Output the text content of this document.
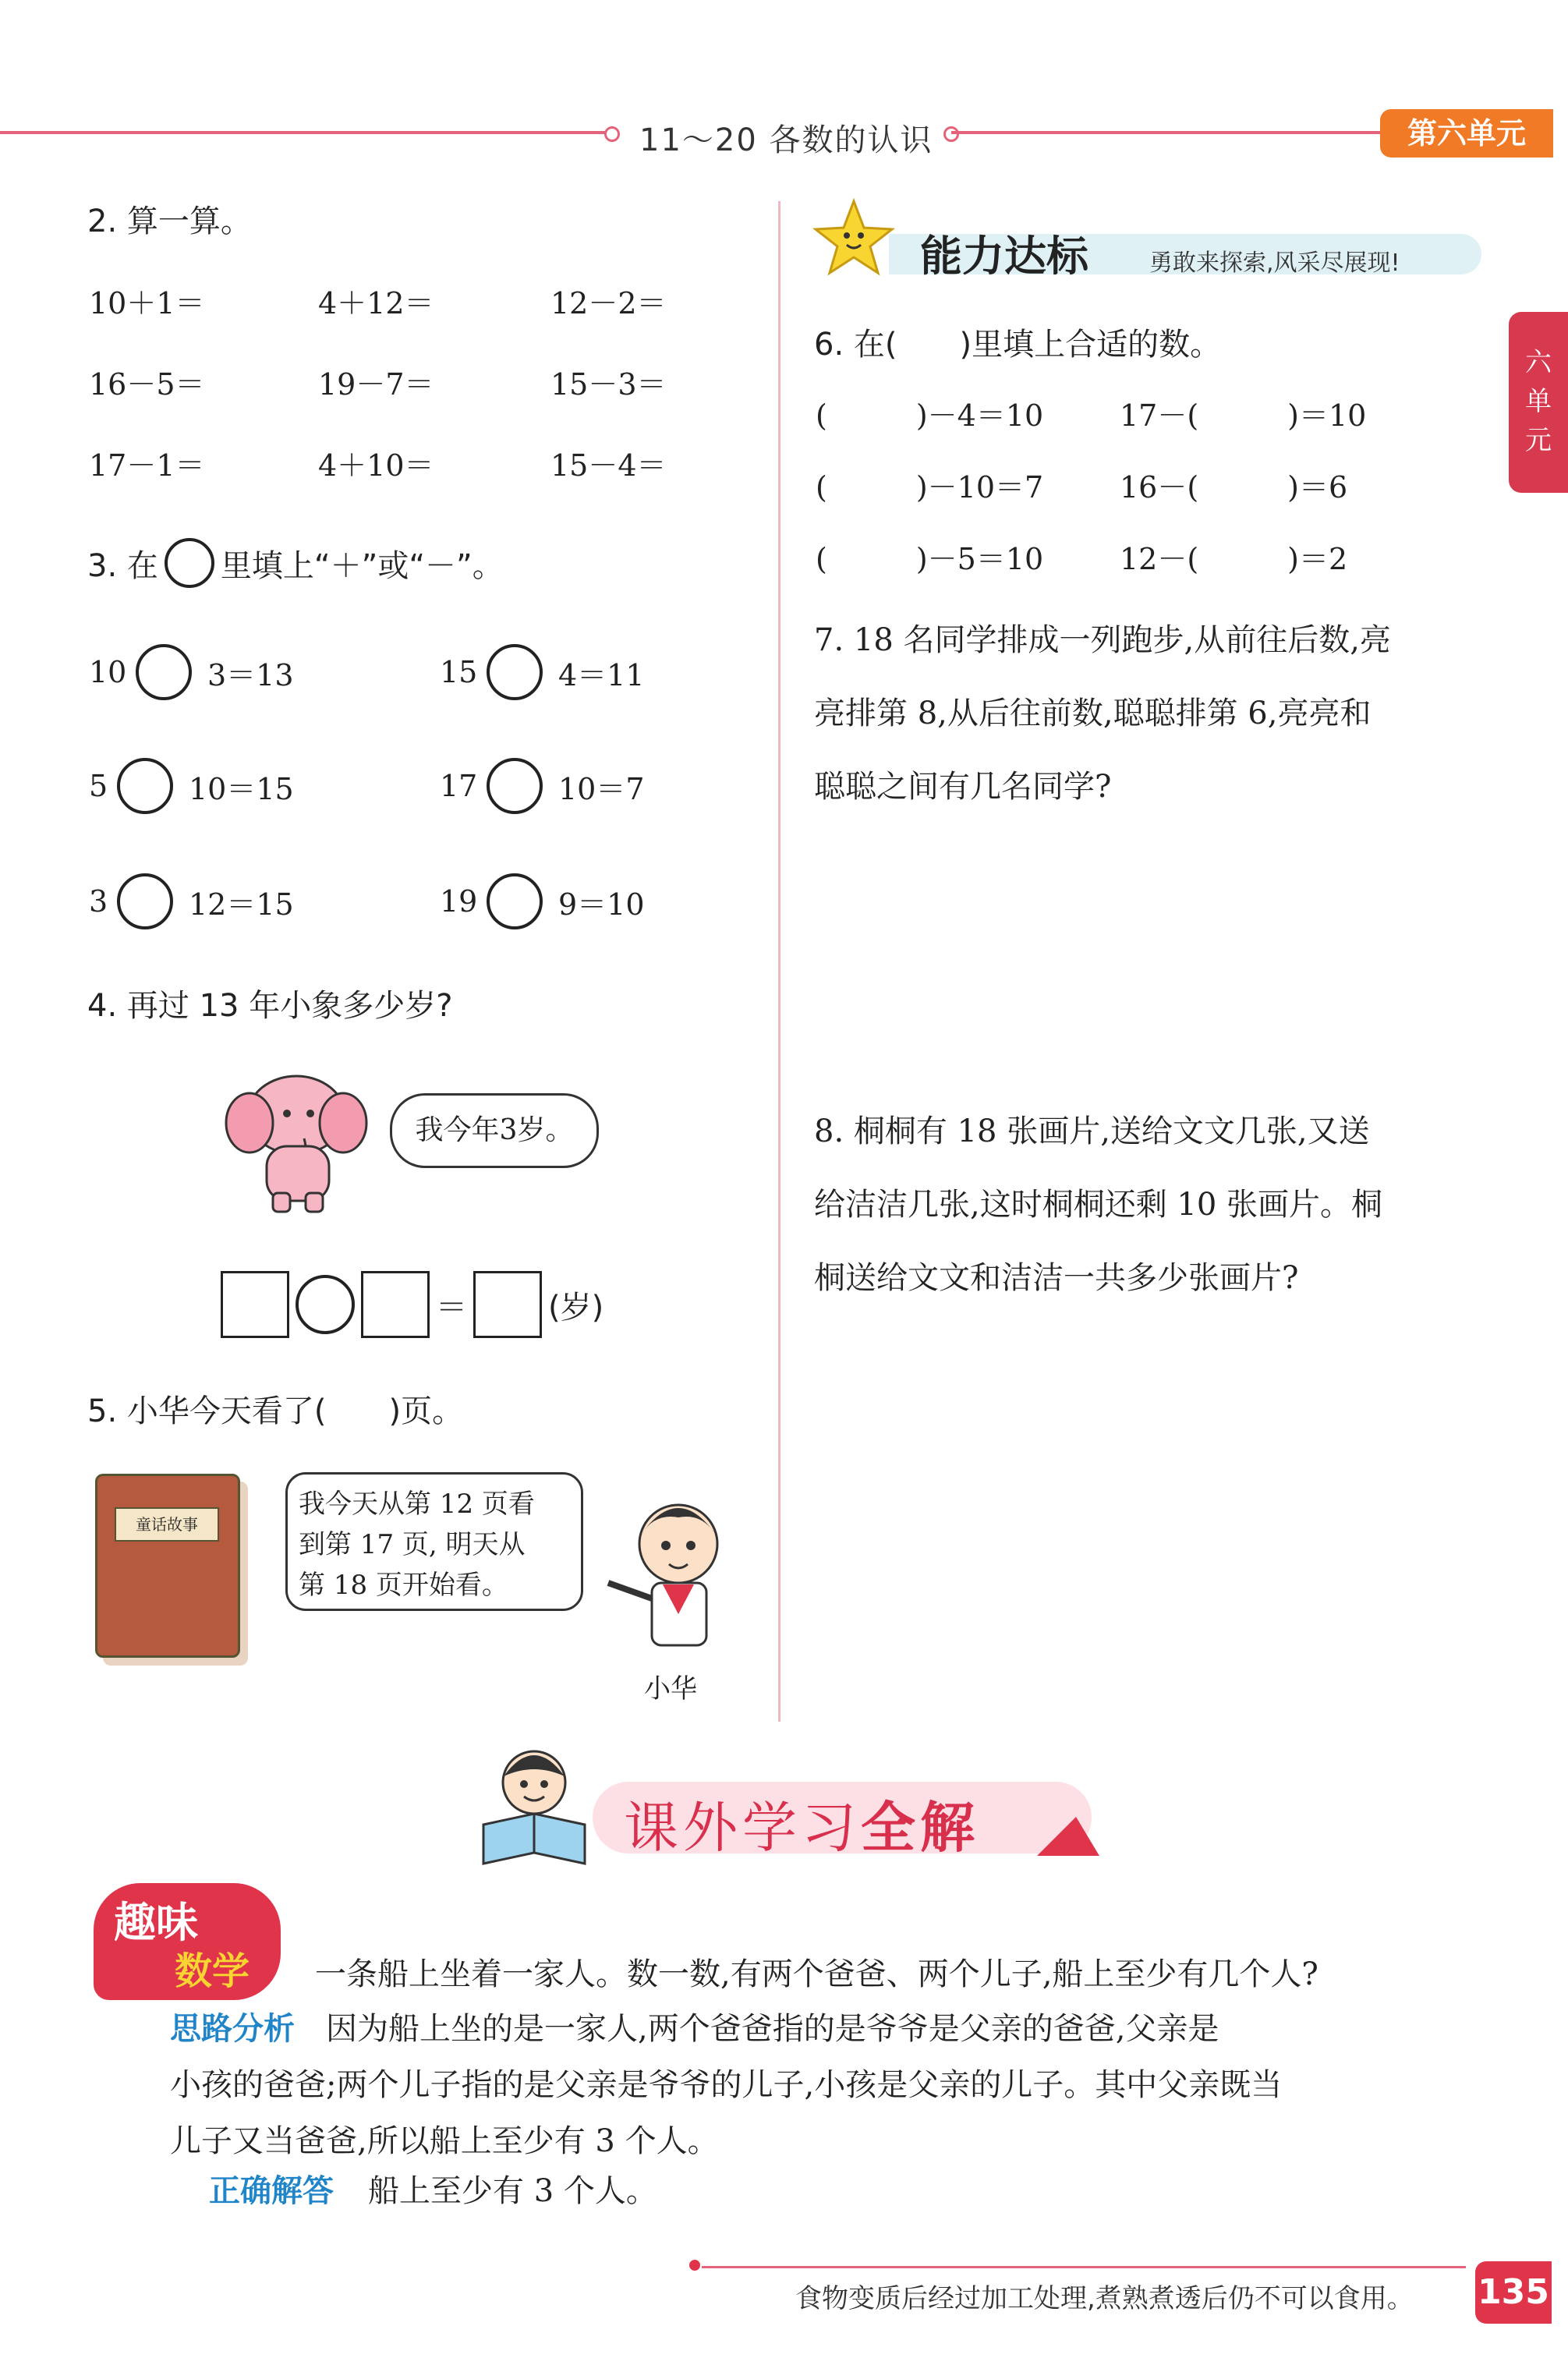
11～20 各数的认识	第六单元
六
单
元
2. 算一算。
10＋1＝	4＋12＝	12－2＝
16－5＝	19－7＝	15－3＝
17－1＝	4＋10＝	15－4＝
3. 在 里填上“＋”或“－”。
10	3＝13	15	4＝11
5	10＝15	17	10＝7
3	12＝15	19	9＝10
4. 再过 13 年小象多少岁?
我今年3岁。
＝	(岁)
5. 小华今天看了(　　)页。
童话故事
我今天从第 12 页看
到第 17 页, 明天从
第 18 页开始看。
小华
能力达标	勇敢来探索,风采尽展现!
6. 在(　　)里填上合适的数。
(　　　)－4＝10	17－(　　　)＝10
(　　　)－10＝7	16－(　　　)＝6
(　　　)－5＝10	12－(　　　)＝2
7. 18 名同学排成一列跑步,从前往后数,亮
亮排第 8,从后往前数,聪聪排第 6,亮亮和
聪聪之间有几名同学?
8. 桐桐有 18 张画片,送给文文几张,又送
给洁洁几张,这时桐桐还剩 10 张画片。桐
桐送给文文和洁洁一共多少张画片?
课外学习全解
趣味
数学 一条船上坐着一家人。数一数,有两个爸爸、两个儿子,船上至少有几个人?
思路分析 因为船上坐的是一家人,两个爸爸指的是爷爷是父亲的爸爸,父亲是
小孩的爸爸;两个儿子指的是父亲是爷爷的儿子,小孩是父亲的儿子。其中父亲既当
儿子又当爸爸,所以船上至少有 3 个人。
正确解答 船上至少有 3 个人。
食物变质后经过加工处理,煮熟煮透后仍不可以食用。 135
